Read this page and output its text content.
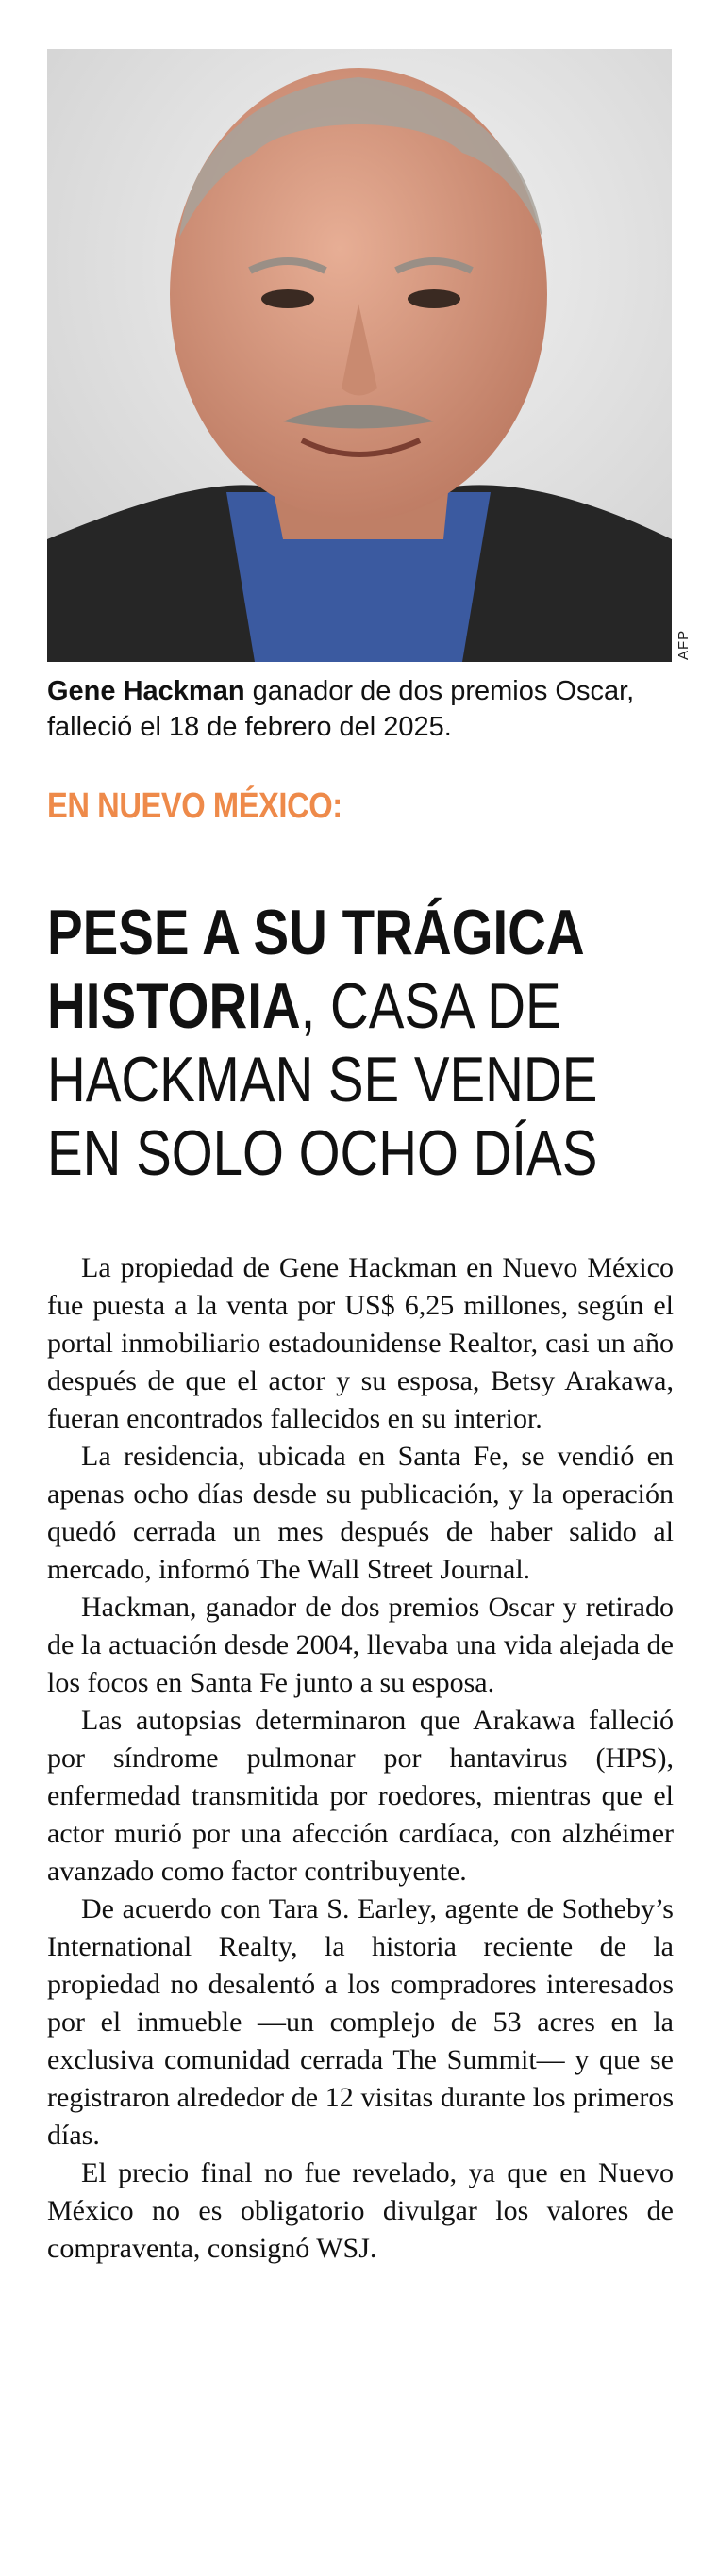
AFP
Gene Hackman ganador de dos premios Oscar, falleció el 18 de febrero del 2025.
EN NUEVO MÉXICO:
PESE A SU TRÁGICA HISTORIA, CASA DE HACKMAN SE VENDE EN SOLO OCHO DÍAS

La propiedad de Gene Hackman en Nuevo México fue puesta a la venta por US$ 6,25 millones, según el portal inmobiliario estadounidense Realtor, casi un año después de que el actor y su esposa, Betsy Arakawa, fueran encontrados fallecidos en su interior.

La residencia, ubicada en Santa Fe, se vendió en apenas ocho días desde su publicación, y la operación quedó cerrada un mes después de haber salido al mercado, informó The Wall Street Journal.

Hackman, ganador de dos premios Oscar y retirado de la actuación desde 2004, llevaba una vida alejada de los focos en Santa Fe junto a su esposa.

Las autopsias determinaron que Arakawa falleció por síndrome pulmonar por hantavirus (HPS), enfermedad transmitida por roedores, mientras que el actor murió por una afección cardíaca, con alzhéimer avanzado como factor contribuyente.

De acuerdo con Tara S. Earley, agente de Sotheby’s International Realty, la historia reciente de la propiedad no desalentó a los compradores interesados por el inmueble —un complejo de 53 acres en la exclusiva comunidad cerrada The Summit— y que se registraron alrededor de 12 visitas durante los primeros días.

El precio final no fue revelado, ya que en Nuevo México no es obligatorio divulgar los valores de compraventa, consignó WSJ.
